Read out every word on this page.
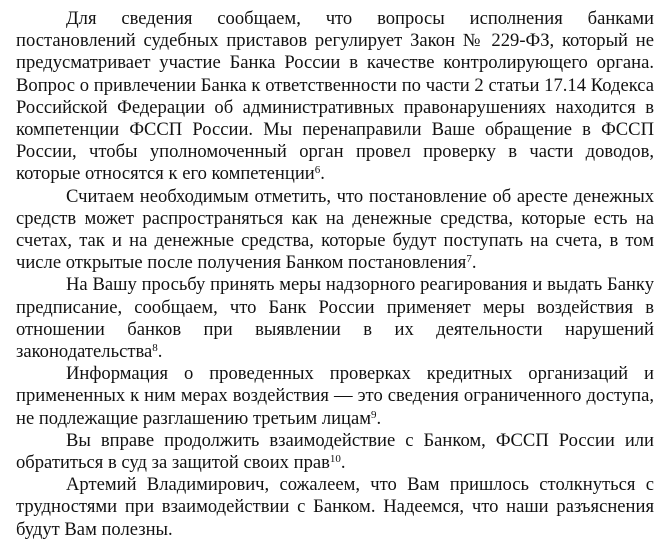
Для сведения сообщаем, что вопросы исполнения банками постановлений судебных приставов регулирует Закон № 229-ФЗ, который не предусматривает участие Банка России в качестве контролирующего органа. Вопрос о привлечении Банка к ответственности по части 2 статьи 17.14 Кодекса Российской Федерации об административных правонарушениях находится в компетенции ФССП России. Мы перенаправили Ваше обращение в ФССП России, чтобы уполномоченный орган провел проверку в части доводов, которые относятся к его компетенции$^6$.

Считаем необходимым отметить, что постановление об аресте денежных средств может распространяться как на денежные средства, которые есть на счетах, так и на денежные средства, которые будут поступать на счета, в том числе открытые после получения Банком постановления$^7$.

На Вашу просьбу принять меры надзорного реагирования и выдать Банку предписание, сообщаем, что Банк России применяет меры воздействия в отношении банков при выявлении в их деятельности нарушений законодательства$^8$.

Информация о проведенных проверках кредитных организаций и примененных к ним мерах воздействия — это сведения ограниченного доступа, не подлежащие разглашению третьим лицам$^9$.

Вы вправе продолжить взаимодействие с Банком, ФССП России или обратиться в суд за защитой своих прав$^{10}$.

Артемий Владимирович, сожалеем, что Вам пришлось столкнуться с трудностями при взаимодействии с Банком. Надеемся, что наши разъяснения будут Вам полезны.
